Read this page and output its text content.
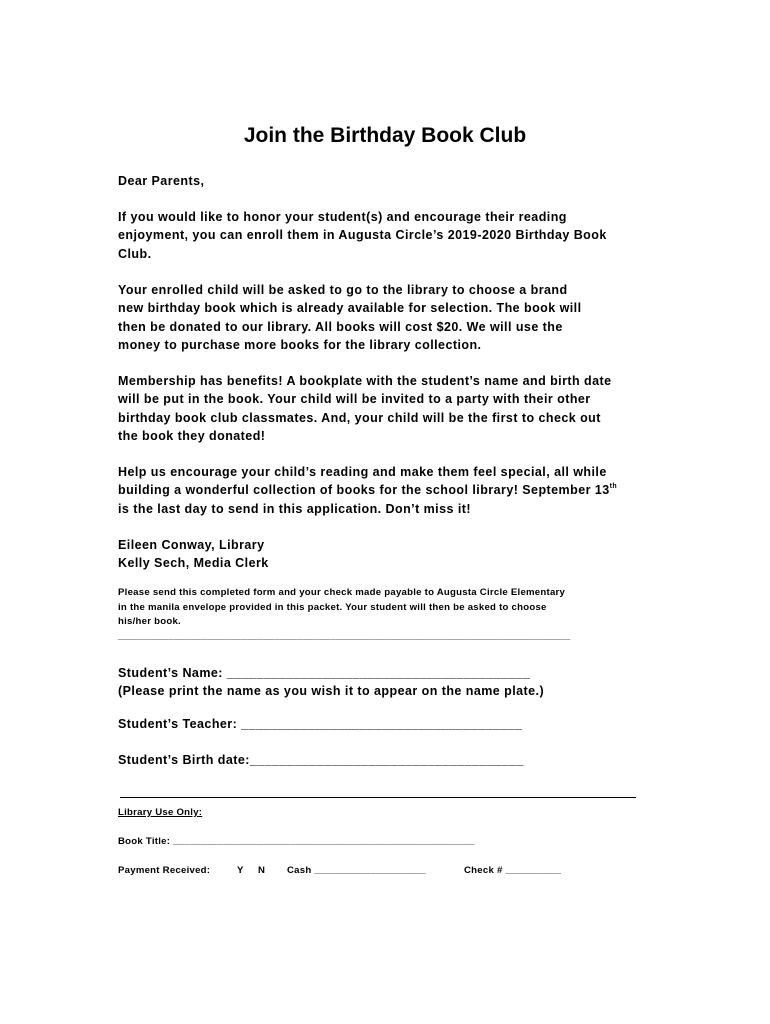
Join the Birthday Book Club
Dear Parents,
If you would like to honor your student(s) and encourage their reading
enjoyment, you can enroll them in Augusta Circle’s 2019-2020 Birthday Book
Club.
Your enrolled child will be asked to go to the library to choose a brand
new birthday book which is already available for selection. The book will
then be donated to our library. All books will cost $20. We will use the
money to purchase more books for the library collection.
Membership has benefits! A bookplate with the student’s name and birth date
will be put in the book. Your child will be invited to a party with their other
birthday book club classmates. And, your child will be the first to check out
the book they donated!
Help us encourage your child’s reading and make them feel special, all while
building a wonderful collection of books for the school library! September 13th
is the last day to send in this application. Don’t miss it!
Eileen Conway, Library
Kelly Sech, Media Clerk
Please send this completed form and your check made payable to Augusta Circle Elementary
in the manila envelope provided in this packet. Your student will then be asked to choose
his/her book.
_________________________________________________________________________________
Student’s Name: _________________________________________
(Please print the name as you wish it to appear on the name plate.)
Student’s Teacher: ______________________________________
Student’s Birth date:_____________________________________
Library Use Only:
Book Title: ______________________________________________________
Payment Received:	Y N Cash ____________________	Check # __________
